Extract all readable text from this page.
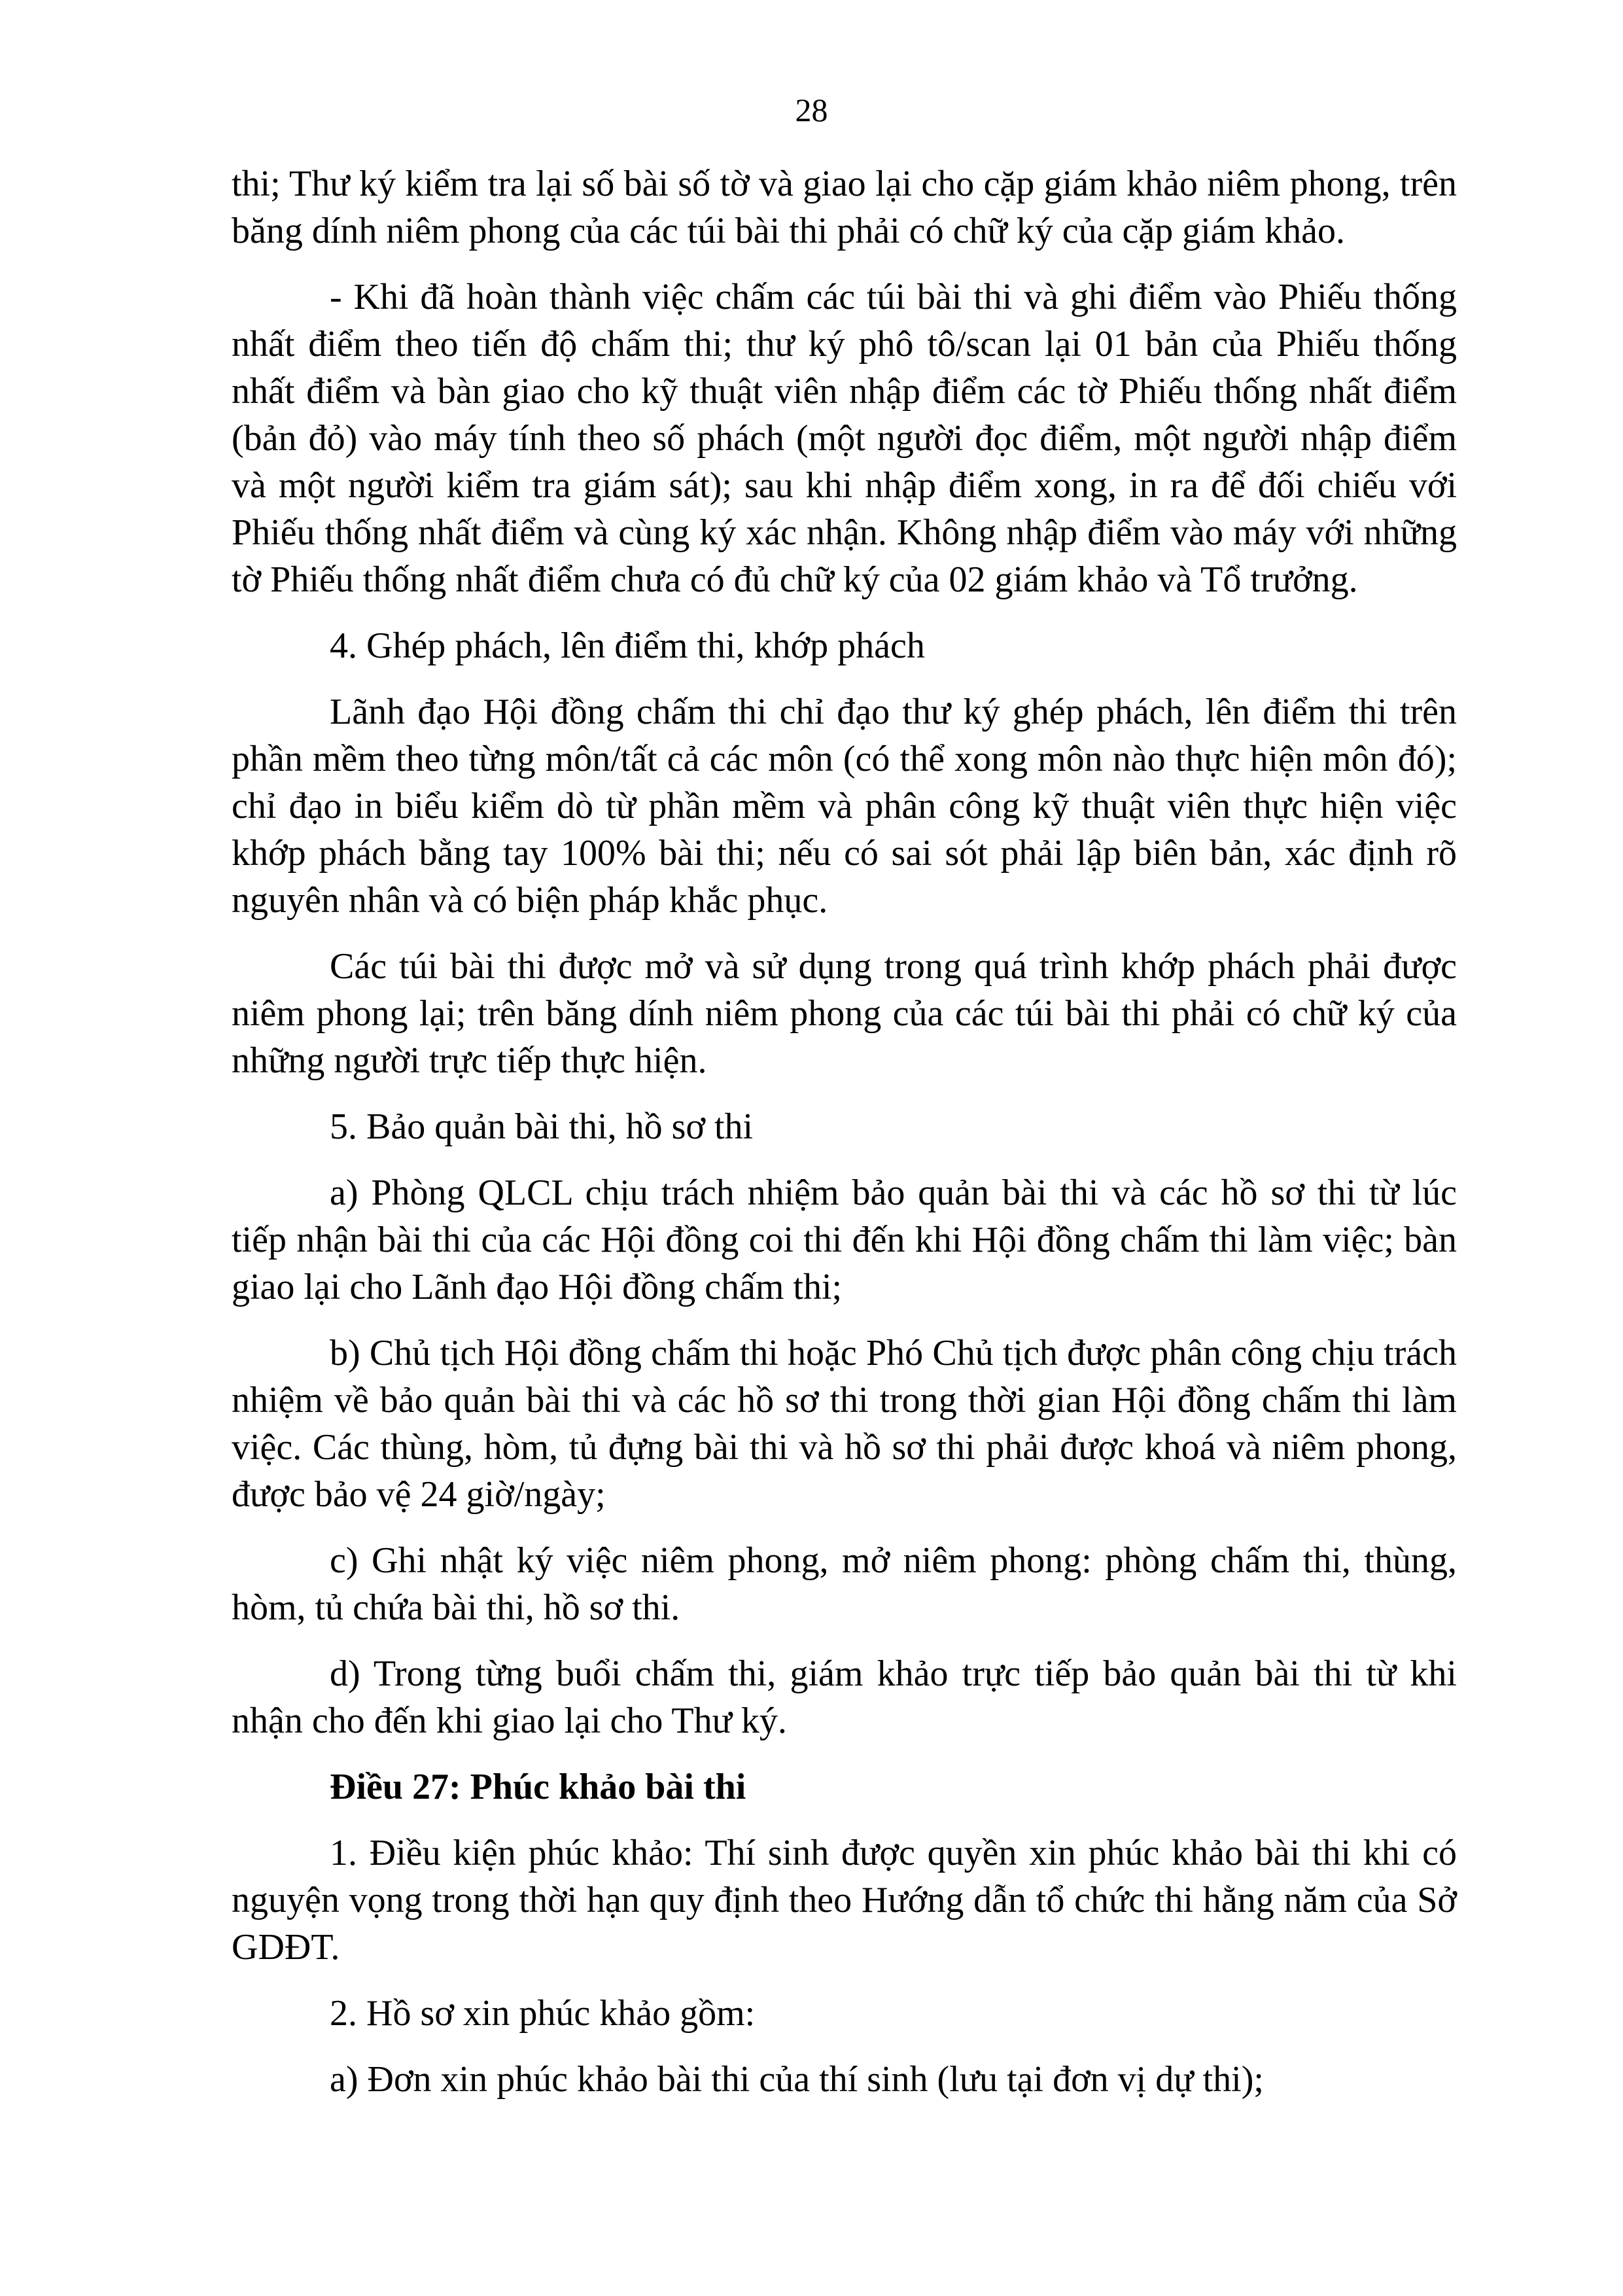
28

thi; Thư ký kiểm tra lại số bài số tờ và giao lại cho cặp giám khảo niêm phong, trên băng dính niêm phong của các túi bài thi phải có chữ ký của cặp giám khảo.

- Khi đã hoàn thành việc chấm các túi bài thi và ghi điểm vào Phiếu thống nhất điểm theo tiến độ chấm thi; thư ký phô tô/scan lại 01 bản của Phiếu thống nhất điểm và bàn giao cho kỹ thuật viên nhập điểm các tờ Phiếu thống nhất điểm (bản đỏ) vào máy tính theo số phách (một người đọc điểm, một người nhập điểm và một người kiểm tra giám sát); sau khi nhập điểm xong, in ra để đối chiếu với Phiếu thống nhất điểm và cùng ký xác nhận. Không nhập điểm vào máy với những tờ Phiếu thống nhất điểm chưa có đủ chữ ký của 02 giám khảo và Tổ trưởng.

4. Ghép phách, lên điểm thi, khớp phách

Lãnh đạo Hội đồng chấm thi chỉ đạo thư ký ghép phách, lên điểm thi trên phần mềm theo từng môn/tất cả các môn (có thể xong môn nào thực hiện môn đó); chỉ đạo in biểu kiểm dò từ phần mềm và phân công kỹ thuật viên thực hiện việc khớp phách bằng tay 100% bài thi; nếu có sai sót phải lập biên bản, xác định rõ nguyên nhân và có biện pháp khắc phục.

Các túi bài thi được mở và sử dụng trong quá trình khớp phách phải được niêm phong lại; trên băng dính niêm phong của các túi bài thi phải có chữ ký của những người trực tiếp thực hiện.

5. Bảo quản bài thi, hồ sơ thi

a) Phòng QLCL chịu trách nhiệm bảo quản bài thi và các hồ sơ thi từ lúc tiếp nhận bài thi của các Hội đồng coi thi đến khi Hội đồng chấm thi làm việc; bàn giao lại cho Lãnh đạo Hội đồng chấm thi;

b) Chủ tịch Hội đồng chấm thi hoặc Phó Chủ tịch được phân công chịu trách nhiệm về bảo quản bài thi và các hồ sơ thi trong thời gian Hội đồng chấm thi làm việc. Các thùng, hòm, tủ đựng bài thi và hồ sơ thi phải được khoá và niêm phong, được bảo vệ 24 giờ/ngày;

c) Ghi nhật ký việc niêm phong, mở niêm phong: phòng chấm thi, thùng, hòm, tủ chứa bài thi, hồ sơ thi.

d) Trong từng buổi chấm thi, giám khảo trực tiếp bảo quản bài thi từ khi nhận cho đến khi giao lại cho Thư ký.

Điều 27: Phúc khảo bài thi

1. Điều kiện phúc khảo: Thí sinh được quyền xin phúc khảo bài thi khi có nguyện vọng trong thời hạn quy định theo Hướng dẫn tổ chức thi hằng năm của Sở GDĐT.

2. Hồ sơ xin phúc khảo gồm:

a) Đơn xin phúc khảo bài thi của thí sinh (lưu tại đơn vị dự thi);
